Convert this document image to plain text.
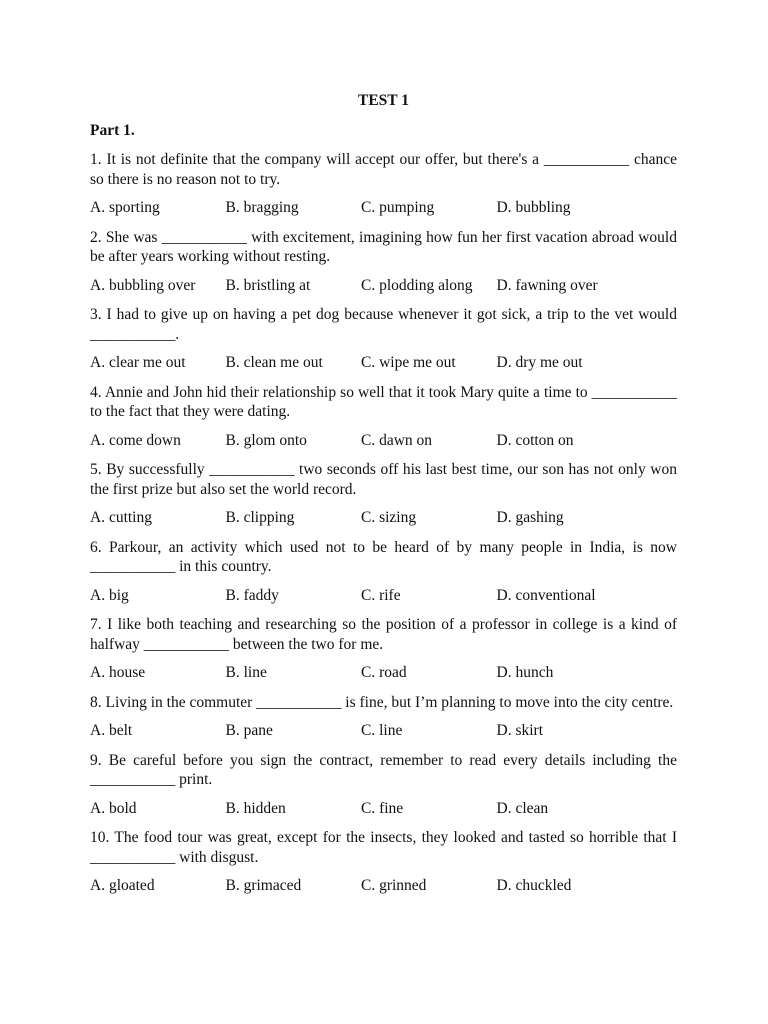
TEST 1
Part 1.

1. It is not definite that the company will accept our offer, but there's a ___________ chance so there is no reason not to try.

A. sporting	B. bragging	C. pumping	D. bubbling

2. She was ___________ with excitement, imagining how fun her first vacation abroad would be after years working without resting.

A. bubbling over	B. bristling at	C. plodding along	D. fawning over

3. I had to give up on having a pet dog because whenever it got sick, a trip to the vet would ___________.

A. clear me out	B. clean me out	C. wipe me out	D. dry me out

4. Annie and John hid their relationship so well that it took Mary quite a time to ___________ to the fact that they were dating.

A. come down	B. glom onto	C. dawn on	D. cotton on

5. By successfully ___________ two seconds off his last best time, our son has not only won the first prize but also set the world record.

A. cutting	B. clipping	C. sizing	D. gashing

6. Parkour, an activity which used not to be heard of by many people in India, is now ___________ in this country.

A. big	B. faddy	C. rife	D. conventional

7. I like both teaching and researching so the position of a professor in college is a kind of halfway ___________ between the two for me.

A. house	B. line	C. road	D. hunch

8. Living in the commuter ___________ is fine, but I’m planning to move into the city centre.

A. belt	B. pane	C. line	D. skirt

9. Be careful before you sign the contract, remember to read every details including the ___________ print.

A. bold	B. hidden	C. fine	D. clean

10. The food tour was great, except for the insects, they looked and tasted so horrible that I ___________ with disgust.

A. gloated	B. grimaced	C. grinned	D. chuckled
